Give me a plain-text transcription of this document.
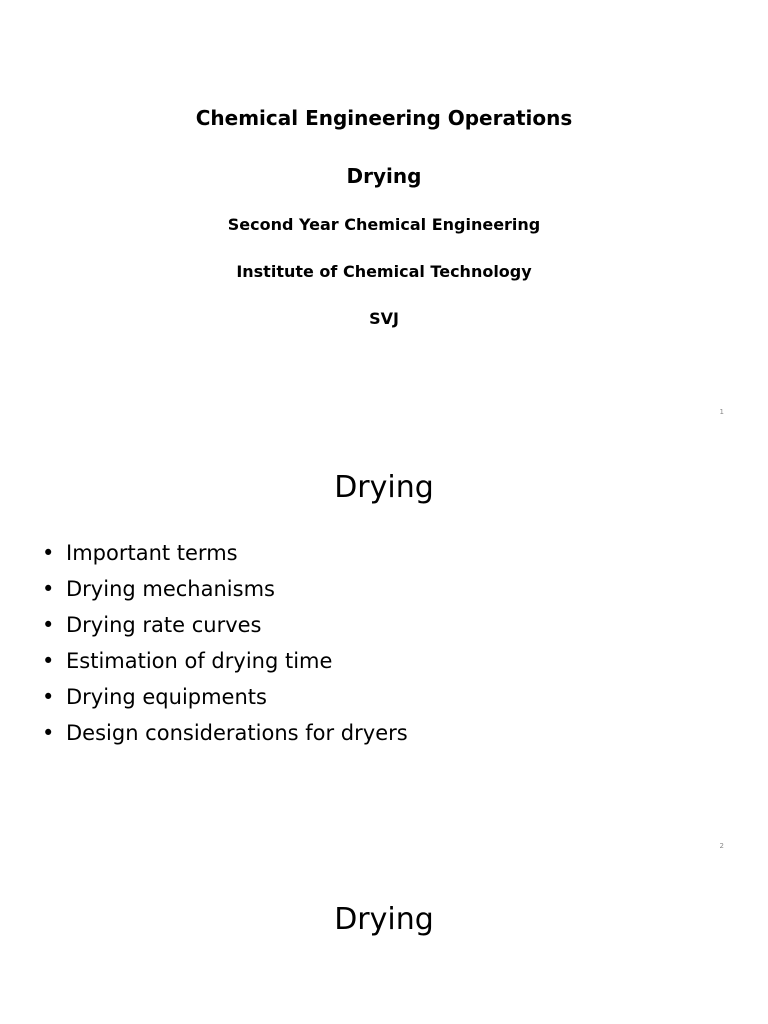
Chemical Engineering Operations
Drying
Second Year Chemical Engineering
Institute of Chemical Technology
SVJ
1
Drying
• Important terms
• Drying mechanisms
• Drying rate curves
• Estimation of drying time
• Drying equipments
• Design considerations for dryers
2
Drying
